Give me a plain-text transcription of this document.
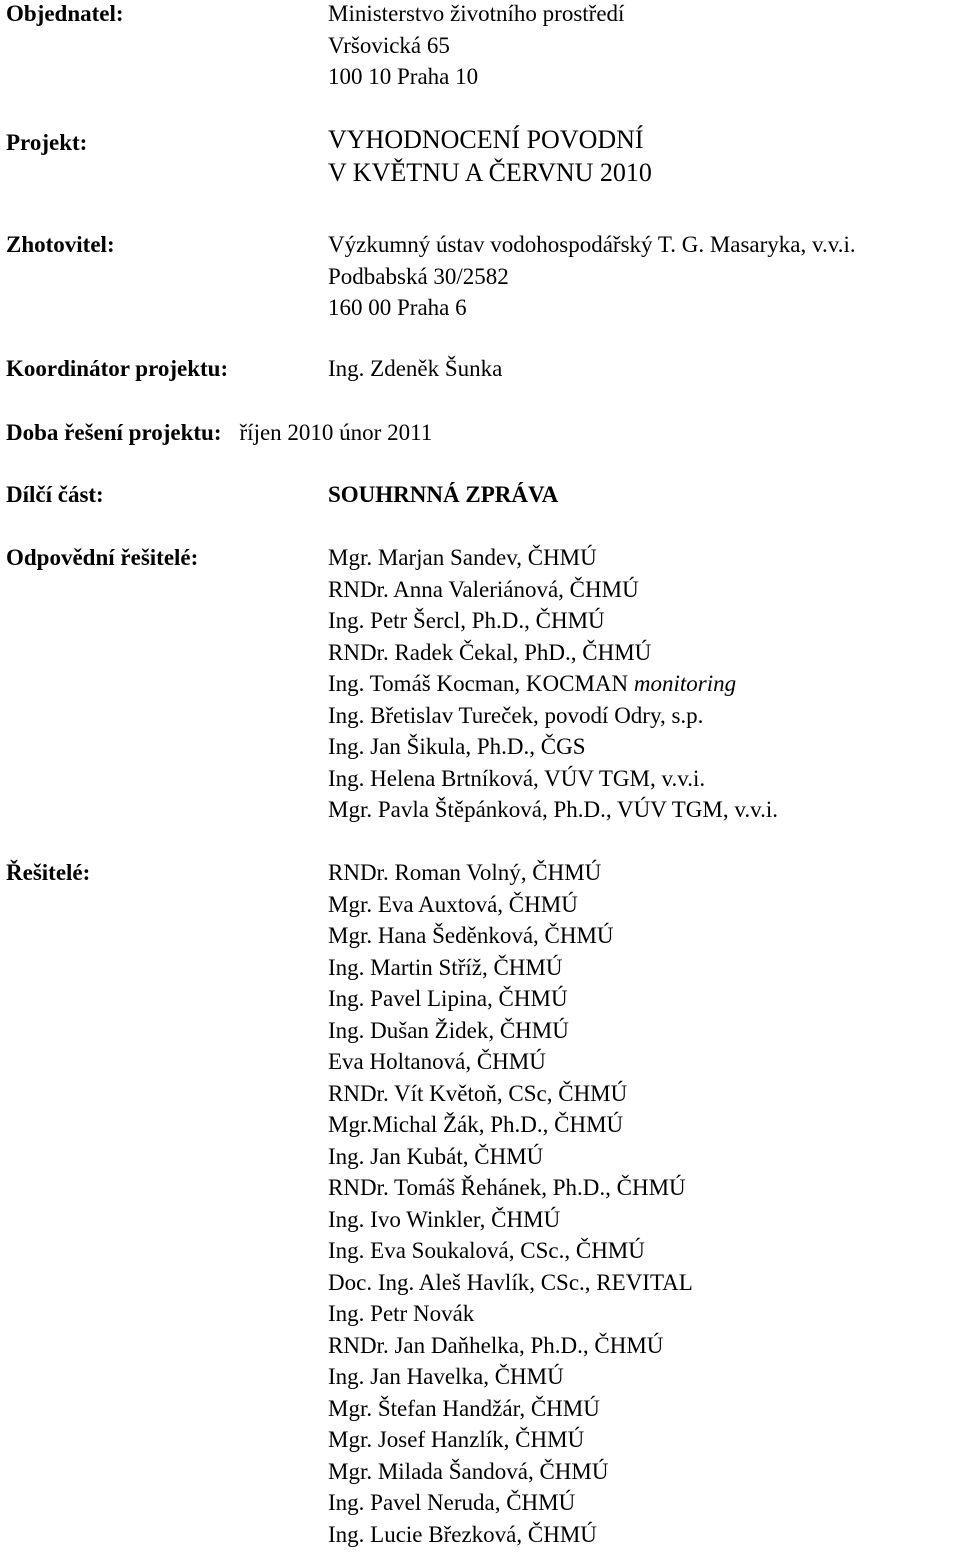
Objednatel:	Ministerstvo životního prostředí
Vršovická 65
100 10 Praha 10
Projekt:	VYHODNOCENÍ POVODNÍ
V KVĚTNU A ČERVNU 2010
Zhotovitel:	Výzkumný ústav vodohospodářský T. G. Masaryka, v.v.i.
Podbabská 30/2582
160 00 Praha 6
Koordinátor projektu:	Ing. Zdeněk Šunka
Doba řešení projektu: říjen 2010 únor 2011
Dílčí část:	SOUHRNNÁ ZPRÁVA
Odpovědní řešitelé:	Mgr. Marjan Sandev, ČHMÚ
RNDr. Anna Valeriánová, ČHMÚ
Ing. Petr Šercl, Ph.D., ČHMÚ
RNDr. Radek Čekal, PhD., ČHMÚ
Ing. Tomáš Kocman, KOCMAN monitoring
Ing. Břetislav Tureček, povodí Odry, s.p.
Ing. Jan Šikula, Ph.D., ČGS
Ing. Helena Brtníková, VÚV TGM, v.v.i.
Mgr. Pavla Štěpánková, Ph.D., VÚV TGM, v.v.i.
Řešitelé:	RNDr. Roman Volný, ČHMÚ
Mgr. Eva Auxtová, ČHMÚ
Mgr. Hana Šeděnková, ČHMÚ
Ing. Martin Stříž, ČHMÚ
Ing. Pavel Lipina, ČHMÚ
Ing. Dušan Židek, ČHMÚ
Eva Holtanová, ČHMÚ
RNDr. Vít Květoň, CSc, ČHMÚ
Mgr.Michal Žák, Ph.D., ČHMÚ
Ing. Jan Kubát, ČHMÚ
RNDr. Tomáš Řehánek, Ph.D., ČHMÚ
Ing. Ivo Winkler, ČHMÚ
Ing. Eva Soukalová, CSc., ČHMÚ
Doc. Ing. Aleš Havlík, CSc., REVITAL
Ing. Petr Novák
RNDr. Jan Daňhelka, Ph.D., ČHMÚ
Ing. Jan Havelka, ČHMÚ
Mgr. Štefan Handžár, ČHMÚ
Mgr. Josef Hanzlík, ČHMÚ
Mgr. Milada Šandová, ČHMÚ
Ing. Pavel Neruda, ČHMÚ
Ing. Lucie Březková, ČHMÚ
